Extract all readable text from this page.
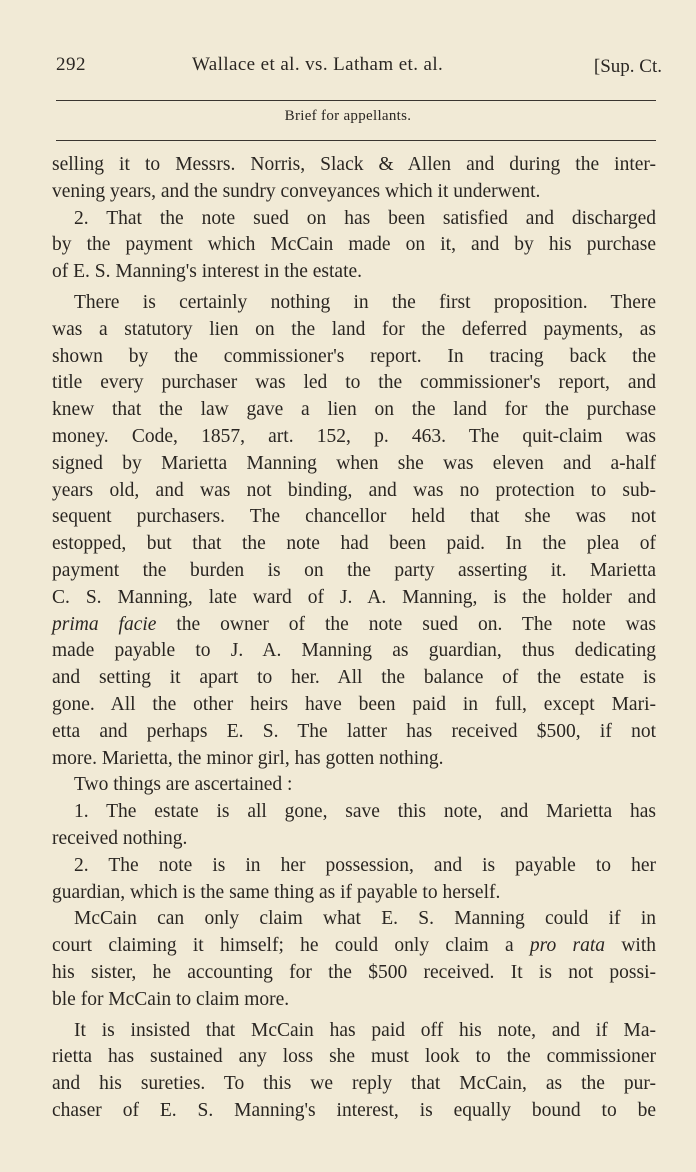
292	Wallace et al. vs. Latham et. al.	[Sup. Ct.
Brief for appellants.
selling it to Messrs. Norris, Slack & Allen and during the inter-
vening years, and the sundry conveyances which it underwent.
2. That the note sued on has been satisfied and discharged
by the payment which McCain made on it, and by his purchase
of E. S. Manning's interest in the estate.
There is certainly nothing in the first proposition. There
was a statutory lien on the land for the deferred payments, as
shown by the commissioner's report. In tracing back the
title every purchaser was led to the commissioner's report, and
knew that the law gave a lien on the land for the purchase
money. Code, 1857, art. 152, p. 463. The quit-claim was
signed by Marietta Manning when she was eleven and a-half
years old, and was not binding, and was no protection to sub-
sequent purchasers. The chancellor held that she was not
estopped, but that the note had been paid. In the plea of
payment the burden is on the party asserting it. Marietta
C. S. Manning, late ward of J. A. Manning, is the holder and
prima facie the owner of the note sued on. The note was
made payable to J. A. Manning as guardian, thus dedicating
and setting it apart to her. All the balance of the estate is
gone. All the other heirs have been paid in full, except Mari-
etta and perhaps E. S. The latter has received $500, if not
more. Marietta, the minor girl, has gotten nothing.
Two things are ascertained :
1. The estate is all gone, save this note, and Marietta has
received nothing.
2. The note is in her possession, and is payable to her
guardian, which is the same thing as if payable to herself.
McCain can only claim what E. S. Manning could if in
court claiming it himself; he could only claim a pro rata with
his sister, he accounting for the $500 received. It is not possi-
ble for McCain to claim more.
It is insisted that McCain has paid off his note, and if Ma-
rietta has sustained any loss she must look to the commissioner
and his sureties. To this we reply that McCain, as the pur-
chaser of E. S. Manning's interest, is equally bound to be
